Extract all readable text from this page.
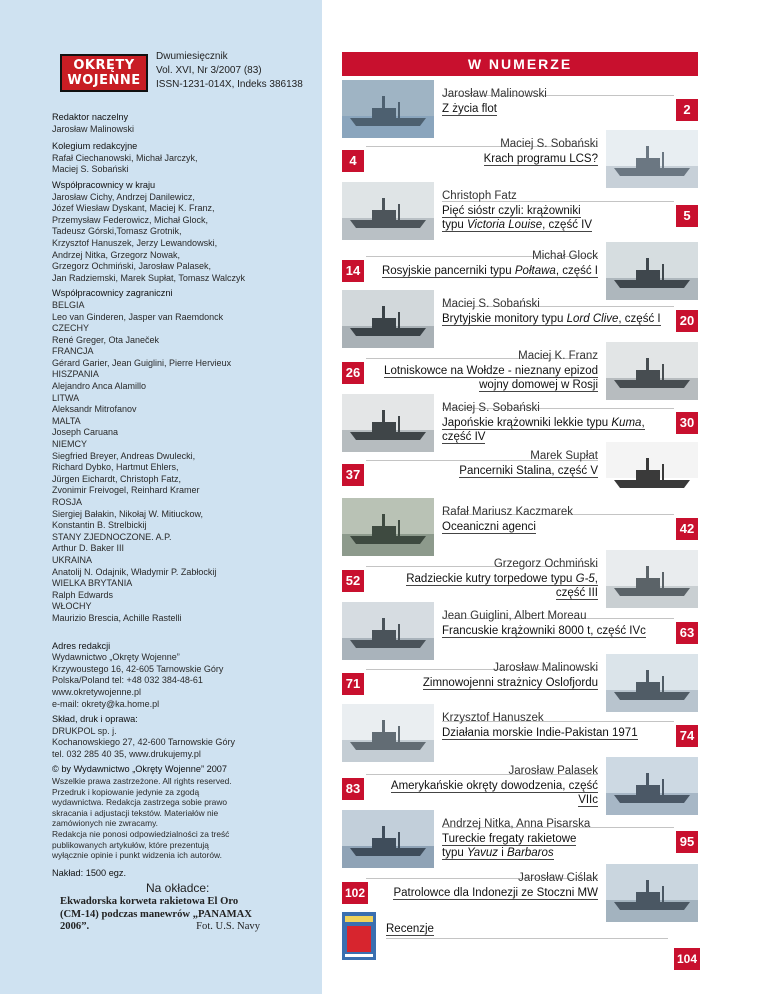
OKRĘTY
WOJENNE
Dwumiesięcznik
Vol. XVI, Nr 3/2007 (83)
ISSN-1231-014X, Indeks 386138
Redaktor naczelny
Jarosław Malinowski
Kolegium redakcyjne
Rafał Ciechanowski, Michał Jarczyk,
Maciej S. Sobański
Współpracownicy w kraju
Jarosław Cichy, Andrzej Danilewicz,
Józef Wiesław Dyskant, Maciej K. Franz,
Przemysław Federowicz, Michał Glock,
Tadeusz Górski,Tomasz Grotnik,
Krzysztof Hanuszek, Jerzy Lewandowski,
Andrzej Nitka, Grzegorz Nowak,
Grzegorz Ochmiński, Jarosław Palasek,
Jan Radziemski, Marek Supłat, Tomasz Walczyk
Współpracownicy zagraniczni
BELGIA
Leo van Ginderen, Jasper van Raemdonck
CZECHY
René Greger, Ota Janeček
FRANCJA
Gérard Garier, Jean Guiglini, Pierre Hervieux
HISZPANIA
Alejandro Anca Alamillo
LITWA
Aleksandr Mitrofanov
MALTA
Joseph Caruana
NIEMCY
Siegfried Breyer, Andreas Dwulecki,
Richard Dybko, Hartmut Ehlers,
Jürgen Eichardt, Christoph Fatz,
Zvonimir Freivogel, Reinhard Kramer
ROSJA
Siergiej Bałakin, Nikołaj W. Mitiuckow,
Konstantin B. Strelbickij
STANY ZJEDNOCZONE. A.P.
Arthur D. Baker III
UKRAINA
Anatolij N. Odajnik, Władymir P. Zabłockij
WIELKA BRYTANIA
Ralph Edwards
WŁOCHY
Maurizio Brescia, Achille Rastelli
Adres redakcji
Wydawnictwo „Okręty Wojenne”
Krzywoustego 16, 42-605 Tarnowskie Góry
Polska/Poland tel: +48 032 384-48-61
www.okretywojenne.pl
e-mail: okrety@ka.home.pl
Skład, druk i oprawa:
DRUKPOL sp. j.
Kochanowskiego 27, 42-600 Tarnowskie Góry
tel. 032 285 40 35, www.drukujemy.pl
© by Wydawnictwo „Okręty Wojenne” 2007
Wszelkie prawa zastrzeżone. All rights reserved.
Przedruk i kopiowanie jedynie za zgodą
wydawnictwa. Redakcja zastrzega sobie prawo
skracania i adjustacji tekstów. Materiałów nie
zamówionych nie zwracamy.
Redakcja nie ponosi odpowiedzialności za treść
publikowanych artykułów, które prezentują
wyłącznie opinie i punkt widzenia ich autorów.
Nakład: 1500 egz.
Na okładce:
Ekwadorska korweta rakietowa El Oro
(CM-14) podczas manewrów „PANAMAX
2006”.	Fot. U.S. Navy
W NUMERZE
2
Jarosław Malinowski
Z życia flot
4
Maciej S. Sobański
Krach programu LCS?
5
Christoph Fatz
Pięć sióstr czyli: krążowniki
typu Victoria Louise, część IV
14
Michał Glock
Rosyjskie pancerniki typu Połtawa, część I
20
Maciej S. Sobański
Brytyjskie monitory typu Lord Clive, część I
26
Maciej K. Franz
Lotniskowce na Wołdze - nieznany epizod
wojny domowej w Rosji
30
Maciej S. Sobański
Japońskie krążowniki lekkie typu Kuma,
część IV
37
Marek Supłat
Pancerniki Stalina, część V
42
Rafał Mariusz Kaczmarek
Oceaniczni agenci
52
Grzegorz Ochmiński
Radzieckie kutry torpedowe typu G-5,
część III
63
Jean Guiglini, Albert Moreau
Francuskie krążowniki 8000 t, część IVc
71
Jarosław Malinowski
Zimnowojenni strażnicy Oslofjordu
74
Krzysztof Hanuszek
Działania morskie Indie-Pakistan 1971
83
Jarosław Palasek
Amerykańskie okręty dowodzenia, część
VIIc
95
Andrzej Nitka, Anna Pisarska
Tureckie fregaty rakietowe
typu Yavuz i Barbaros
102
Jarosław Ciślak
Patrolowce dla Indonezji ze Stoczni MW
104
Recenzje
